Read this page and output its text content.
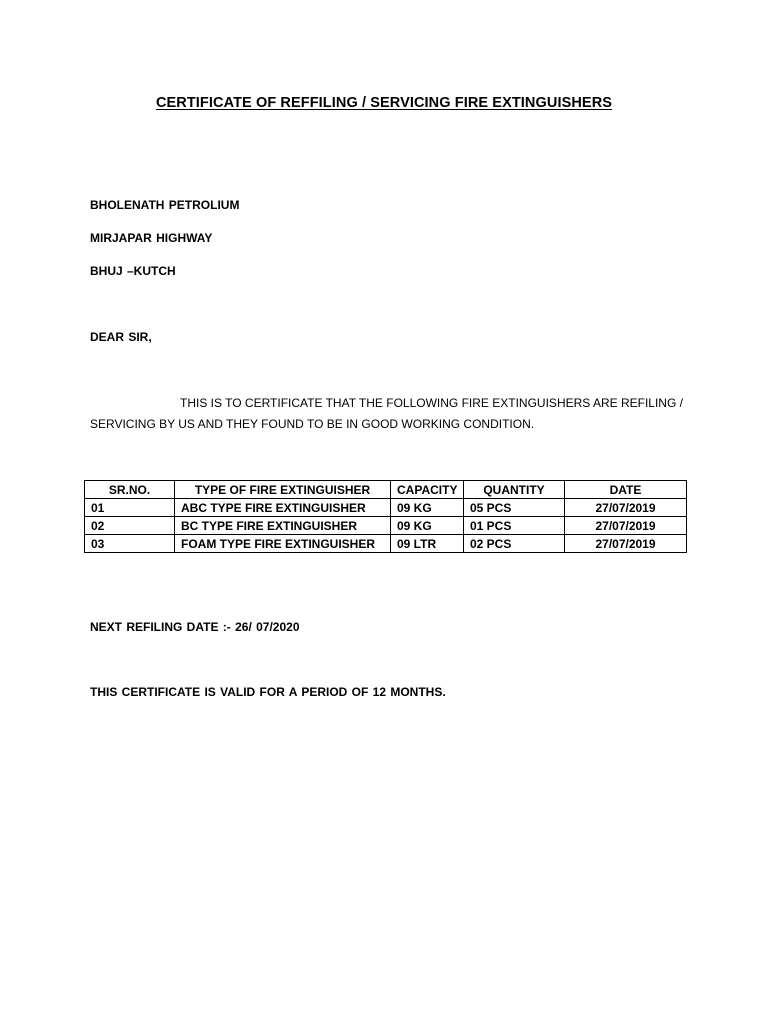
CERTIFICATE OF REFFILING / SERVICING FIRE EXTINGUISHERS
BHOLENATH PETROLIUM
MIRJAPAR HIGHWAY
BHUJ –KUTCH
DEAR SIR,
THIS IS TO CERTIFICATE THAT THE FOLLOWING FIRE EXTINGUISHERS ARE REFILING /
SERVICING BY US AND THEY FOUND TO BE IN GOOD WORKING CONDITION.
SR.NO.	TYPE OF FIRE EXTINGUISHER	CAPACITY	QUANTITY	DATE
01	ABC TYPE FIRE EXTINGUISHER	09 KG	05 PCS	27/07/2019
02	BC TYPE FIRE EXTINGUISHER	09 KG	01 PCS	27/07/2019
03	FOAM TYPE FIRE EXTINGUISHER	09 LTR	02 PCS	27/07/2019
NEXT REFILING DATE :- 26/ 07/2020
THIS CERTIFICATE IS VALID FOR A PERIOD OF 12 MONTHS.
